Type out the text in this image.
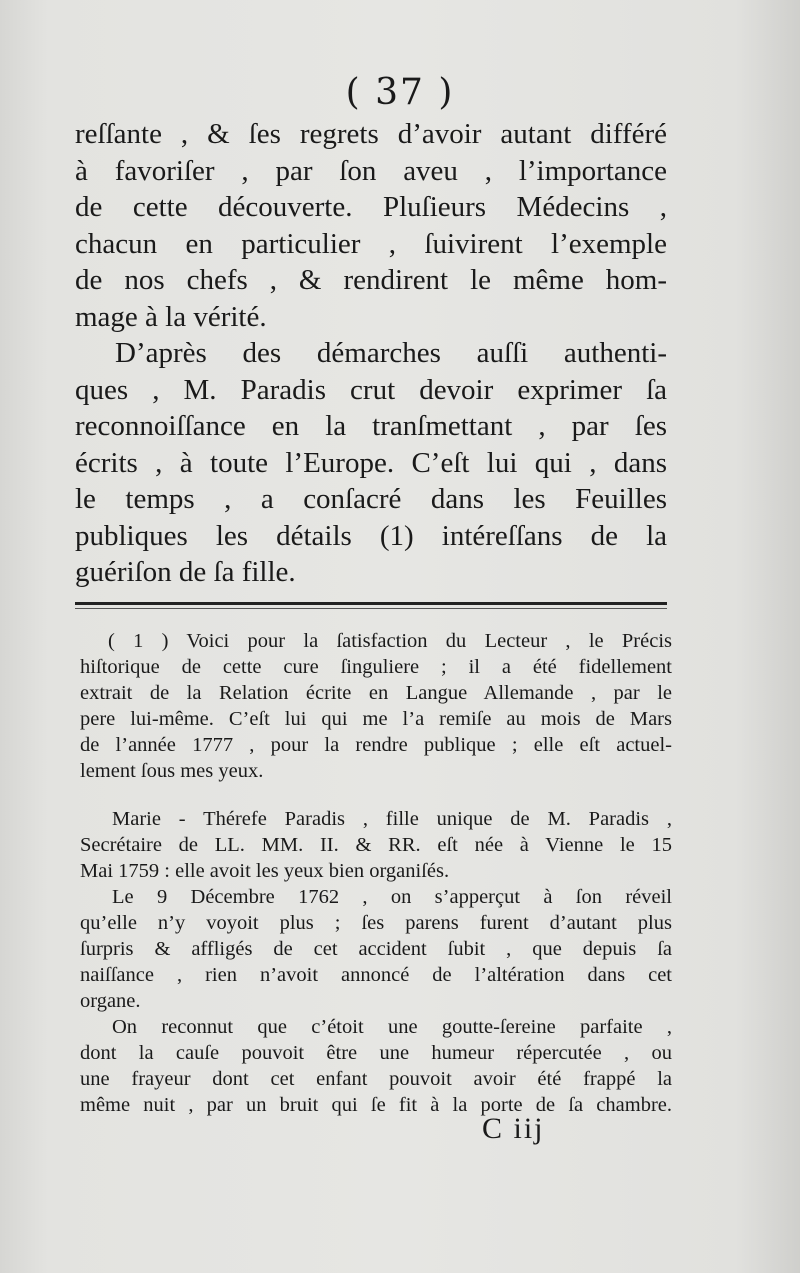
( 37 )
reſſante , & ſes regrets d’avoir autant différé
à favoriſer , par ſon aveu , l’importance
de cette découverte. Pluſieurs Médecins ,
chacun en particulier , ſuivirent l’exemple
de nos chefs , & rendirent le même hom-
mage à la vérité.
D’après des démarches auſſi authenti-
ques , M. Paradis crut devoir exprimer ſa
reconnoiſſance en la tranſmettant , par ſes
écrits , à toute l’Europe. C’eſt lui qui , dans
le temps , a conſacré dans les Feuilles
publiques les détails (1) intéreſſans de la
guériſon de ſa fille.
( 1 ) Voici pour la ſatisfaction du Lecteur , le Précis
hiſtorique de cette cure ſinguliere ; il a été fidellement
extrait de la Relation écrite en Langue Allemande , par le
pere lui-même. C’eſt lui qui me l’a remiſe au mois de Mars
de l’année 1777 , pour la rendre publique ; elle eſt actuel-
lement ſous mes yeux.
Marie - Thérefe Paradis , fille unique de M. Paradis ,
Secrétaire de LL. MM. II. & RR. eſt née à Vienne le 15
Mai 1759 : elle avoit les yeux bien organiſés.
Le 9 Décembre 1762 , on s’apperçut à ſon réveil
qu’elle n’y voyoit plus ; ſes parens furent d’autant plus
ſurpris & affligés de cet accident ſubit , que depuis ſa
naiſſance , rien n’avoit annoncé de l’altération dans cet
organe.
On reconnut que c’étoit une goutte-ſereine parfaite ,
dont la cauſe pouvoit être une humeur répercutée , ou
une frayeur dont cet enfant pouvoit avoir été frappé la
même nuit , par un bruit qui ſe fit à la porte de ſa chambre.
C iij
